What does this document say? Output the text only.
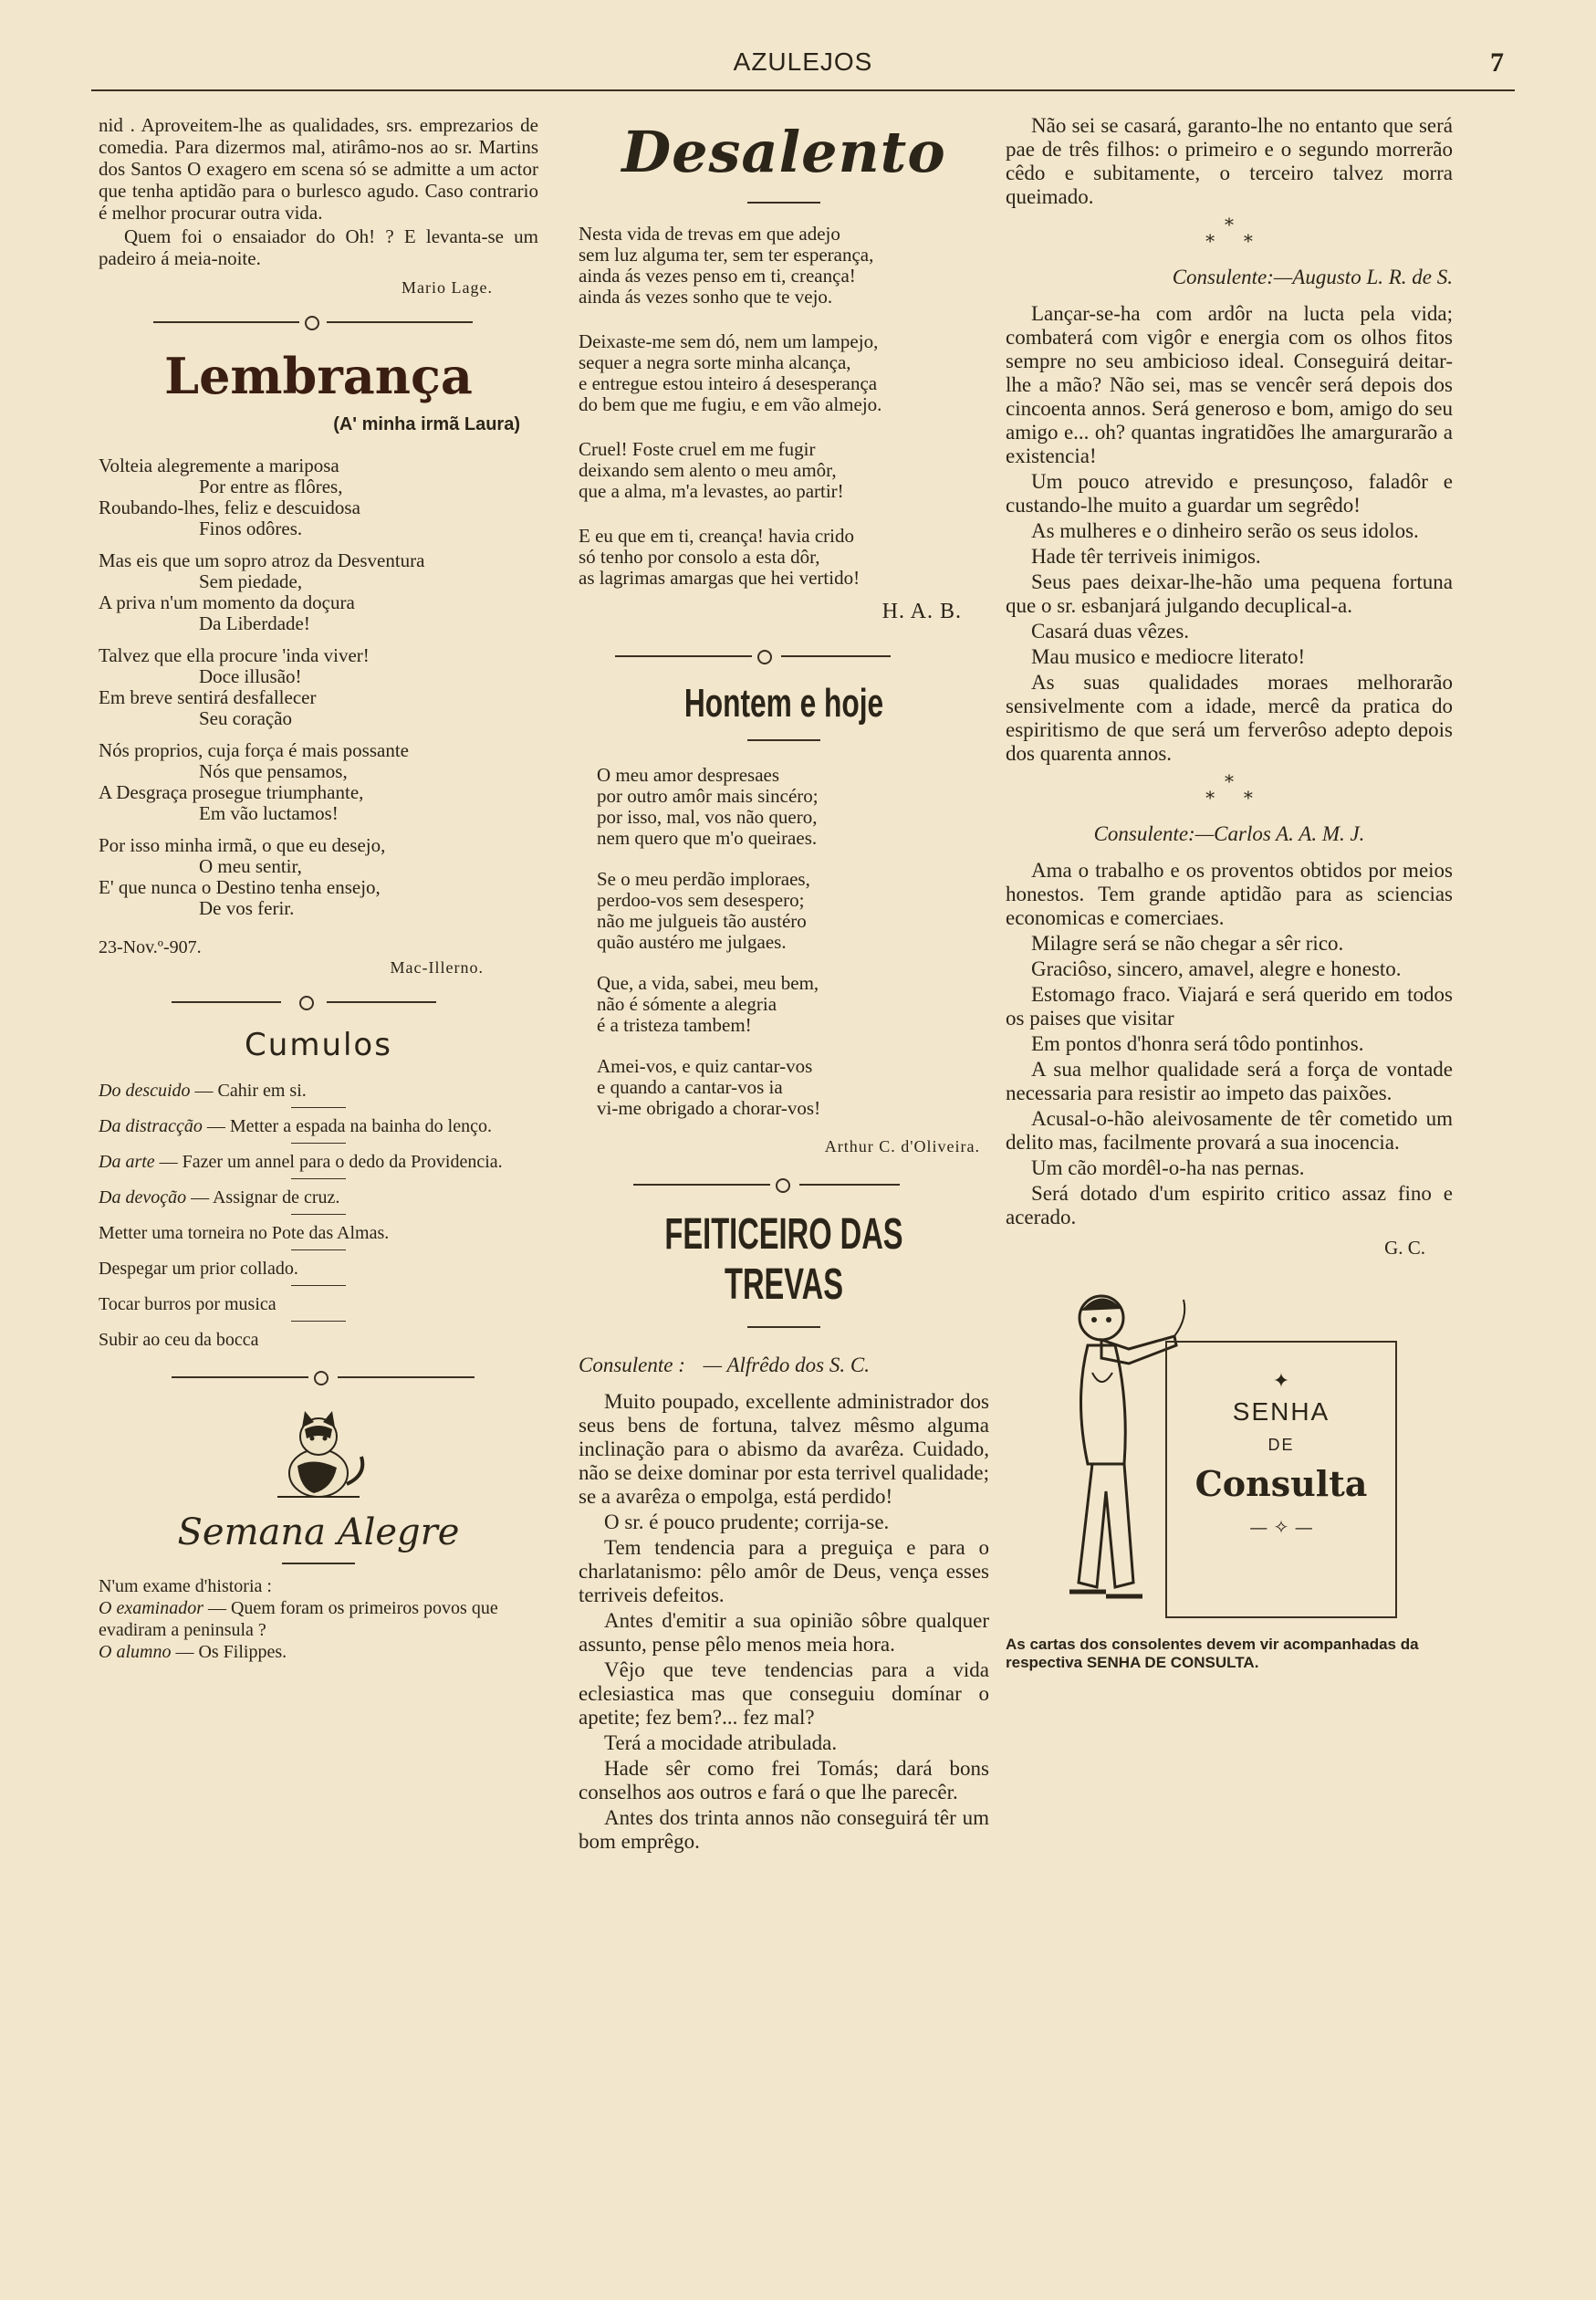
AZULEJOS	7

nid . Aproveitem-lhe as qualidades, srs. emprezarios de comedia. Para dizermos mal, atirâmo-nos ao sr. Martins dos Santos O exagero em scena só se admitte a um actor que tenha aptidão para o burlesco agudo. Caso contrario é melhor procurar outra vida.

Quem foi o ensaiador do Oh! ? E levanta-se um padeiro á meia-noite.

Mario Lage.
Lembrança
(A' minha irmã Laura)
Volteia alegremente a mariposa
Por entre as flôres,
Roubando-lhes, feliz e descuidosa
Finos odôres.
Mas eis que um sopro atroz da Desventura
Sem piedade,
A priva n'um momento da doçura
Da Liberdade!
Talvez que ella procure 'inda viver!
Doce illusão!
Em breve sentirá desfallecer
Seu coração
Nós proprios, cuja força é mais possante
Nós que pensamos,
A Desgraça prosegue triumphante,
Em vão luctamos!
Por isso minha irmã, o que eu desejo,
O meu sentir,
E' que nunca o Destino tenha ensejo,
De vos ferir.
23-Nov.º-907.
Mac-Illerno.
Cumulos
Do descuido — Cahir em si.
Da distracção — Metter a espada na bainha do lenço.
Da arte — Fazer um annel para o dedo da Providencia.
Da devoção — Assignar de cruz.
Metter uma torneira no Pote das Almas.
Despegar um prior collado.
Tocar burros por musica
Subir ao ceu da bocca
Semana Alegre
N'um exame d'historia :
O examinador — Quem foram os primeiros povos que evadiram a peninsula ?
O alumno — Os Filippes.
Desalento
Nesta vida de trevas em que adejo
sem luz alguma ter, sem ter esperança,
ainda ás vezes penso em ti, creança!
ainda ás vezes sonho que te vejo.
Deixaste-me sem dó, nem um lampejo,
sequer a negra sorte minha alcança,
e entregue estou inteiro á desesperança
do bem que me fugiu, e em vão almejo.
Cruel! Foste cruel em me fugir
deixando sem alento o meu amôr,
que a alma, m'a levastes, ao partir!
E eu que em ti, creança! havia crido
só tenho por consolo a esta dôr,
as lagrimas amargas que hei vertido!
H. A. B.
Hontem e hoje
O meu amor despresaes
por outro amôr mais sincéro;
por isso, mal, vos não quero,
nem quero que m'o queiraes.
Se o meu perdão imploraes,
perdoo-vos sem desespero;
não me julgueis tão austéro
quão austéro me julgaes.
Que, a vida, sabei, meu bem,
não é sómente a alegria
é a tristeza tambem!
Amei-vos, e quiz cantar-vos
e quando a cantar-vos ia
vi-me obrigado a chorar-vos!
Arthur C. d'Oliveira.
FEITICEIRO DAS TREVAS
Consulente : — Alfrêdo dos S. C.

Muito poupado, excellente administrador dos seus bens de fortuna, talvez mêsmo alguma inclinação para o abismo da avarêza. Cuidado, não se deixe dominar por esta terrivel qualidade; se a avarêza o empolga, está perdido!

O sr. é pouco prudente; corrija-se.

Tem tendencia para a preguiça e para o charlatanismo: pêlo amôr de Deus, vença esses terriveis defeitos.

Antes d'emitir a sua opinião sôbre qualquer assunto, pense pêlo menos meia hora.

Vêjo que teve tendencias para a vida eclesiastica mas que conseguiu domínar o apetite; fez bem?... fez mal?

Terá a mocidade atribulada.

Hade sêr como frei Tomás; dará bons conselhos aos outros e fará o que lhe parecêr.

Antes dos trinta annos não conseguirá têr um bom emprêgo.

Não sei se casará, garanto-lhe no entanto que será pae de três filhos: o primeiro e o segundo morrerão cêdo e subitamente, o terceiro talvez morra queimado.

*
*     *
Consulente:—Augusto L. R. de S.

Lançar-se-ha com ardôr na lucta pela vida; combaterá com vigôr e energia com os olhos fitos sempre no seu ambicioso ideal. Conseguirá deitar-lhe a mão? Não sei, mas se vencêr será depois dos cincoenta annos. Será generoso e bom, amigo do seu amigo e... oh? quantas ingratidões lhe amargurarão a existencia!

Um pouco atrevido e presunçoso, faladôr e custando-lhe muito a guardar um segrêdo!

As mulheres e o dinheiro serão os seus idolos.

Hade têr terriveis inimigos.

Seus paes deixar-lhe-hão uma pequena fortuna que o sr. esbanjará julgando decuplical-a.

Casará duas vêzes.

Mau musico e mediocre literato!

As suas qualidades moraes melhorarão sensivelmente com a idade, mercê da pratica do espiritismo de que será um ferverôso adepto depois dos quarenta annos.

*
*     *
Consulente:—Carlos A. A. M. J.

Ama o trabalho e os proventos obtidos por meios honestos. Tem grande aptidão para as sciencias economicas e comerciaes.

Milagre será se não chegar a sêr rico.

Graciôso, sincero, amavel, alegre e honesto.

Estomago fraco. Viajará e será querido em todos os paises que visitar

Em pontos d'honra será tôdo pontinhos.

A sua melhor qualidade será a força de vontade necessaria para resistir ao impeto das paixões.

Acusal-o-hão aleivosamente de têr cometido um delito mas, facilmente provará a sua inocencia.

Um cão mordêl-o-ha nas pernas.

Será dotado d'um espirito critico assaz fino e acerado.

G. C.
✦
SENHA
DE
Consulta
— ✧ —
As cartas dos consolentes devem vir acompanhadas da respectiva SENHA DE CONSULTA.
